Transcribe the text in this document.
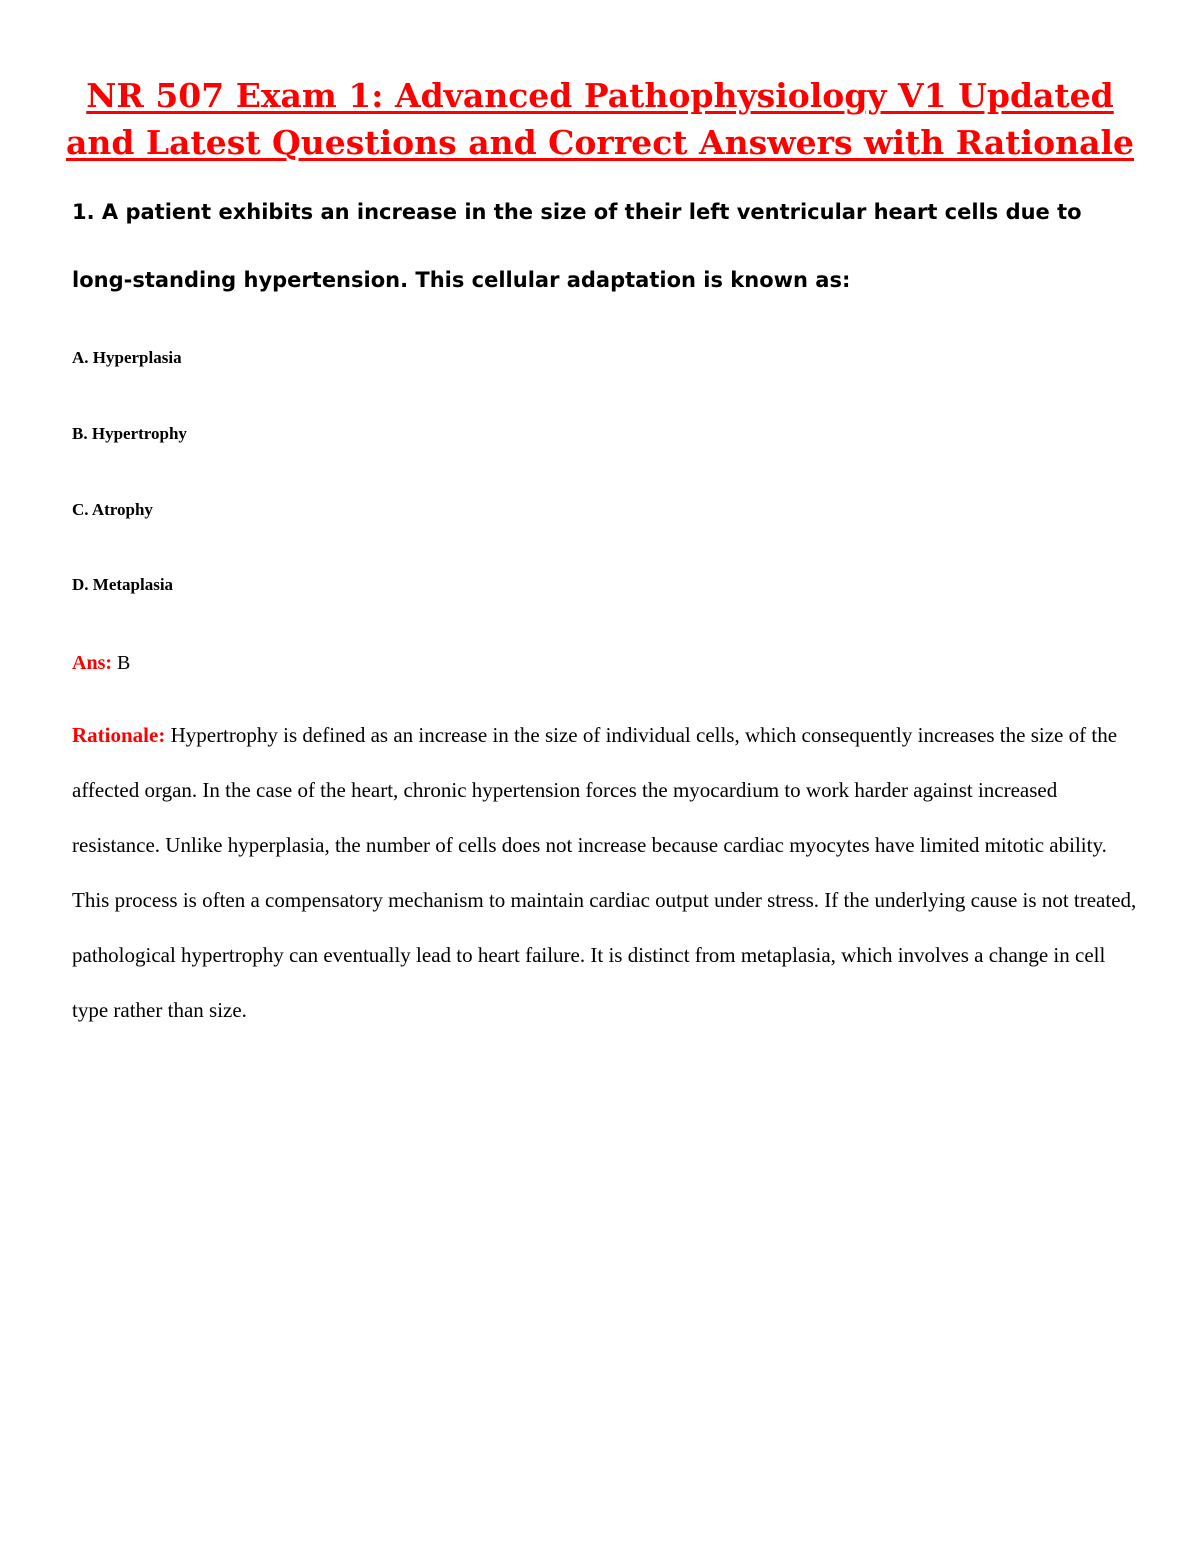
NR 507 Exam 1: Advanced Pathophysiology V1 Updated and Latest Questions and Correct Answers with Rationale

1. A patient exhibits an increase in the size of their left ventricular heart cells due to long-standing hypertension. This cellular adaptation is known as:

A. Hyperplasia

B. Hypertrophy

C. Atrophy

D. Metaplasia

Ans: B

Rationale: Hypertrophy is defined as an increase in the size of individual cells, which consequently increases the size of the affected organ. In the case of the heart, chronic hypertension forces the myocardium to work harder against increased resistance. Unlike hyperplasia, the number of cells does not increase because cardiac myocytes have limited mitotic ability. This process is often a compensatory mechanism to maintain cardiac output under stress. If the underlying cause is not treated, pathological hypertrophy can eventually lead to heart failure. It is distinct from metaplasia, which involves a change in cell type rather than size.
